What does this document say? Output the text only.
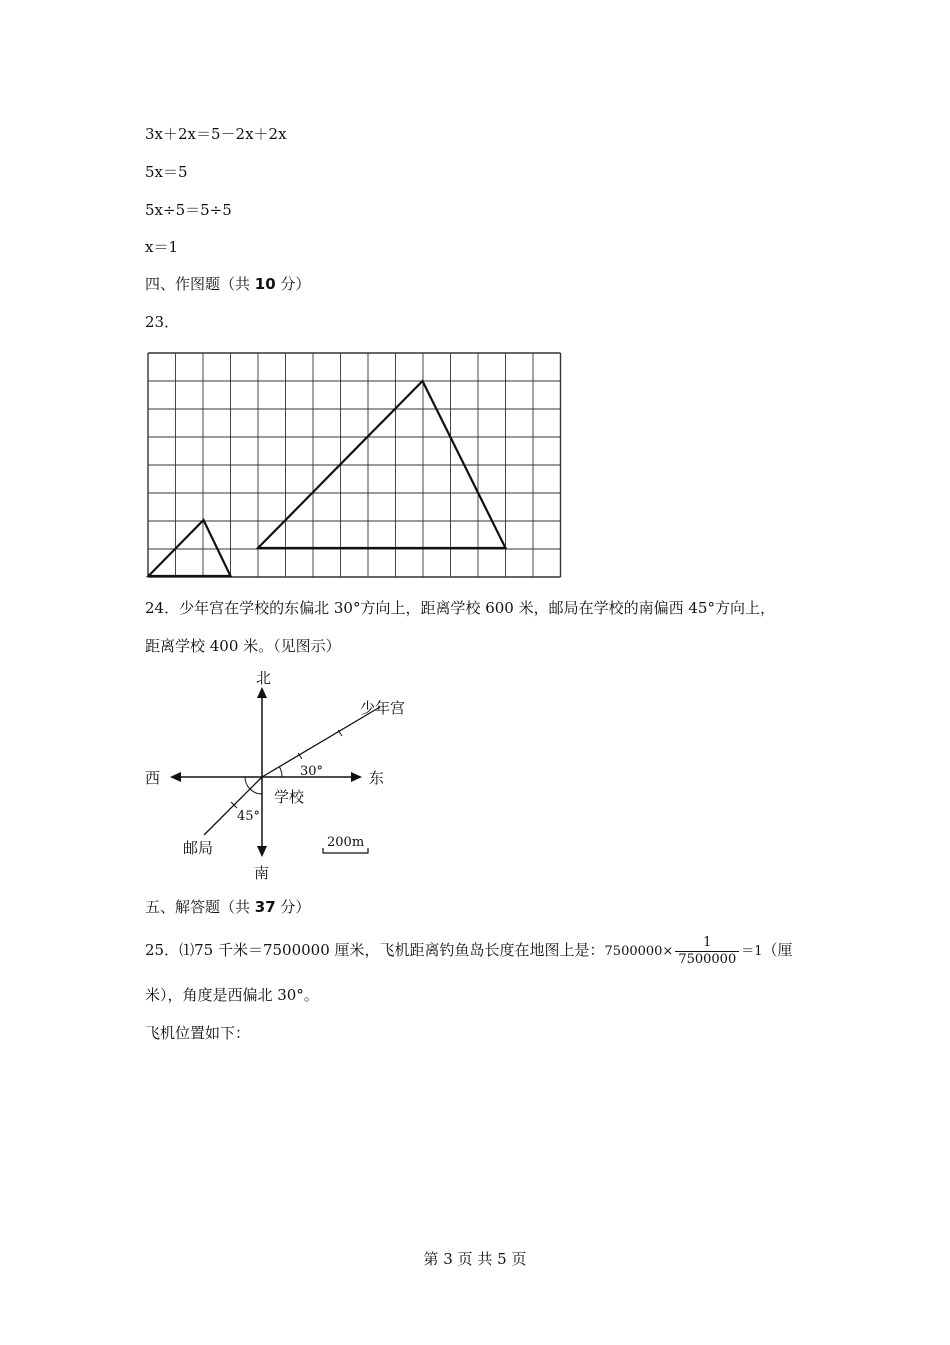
3x＋2x＝5－2x＋2x
5x＝5
5x÷5＝5÷5
x＝1
四、作图题（共 10 分）
23．
24．少年宫在学校的东偏北 30°方向上，距离学校 600 米，邮局在学校的南偏西 45°方向上，
距离学校 400 米。（见图示）
北
南
西	东
少年宫
学校
邮局
30°
45°
200m
五、解答题（共 37 分）
25．⑴75 千米＝7500000 厘米，飞机距离钓鱼岛长度在地图上是：$7500000\times \frac{1}{7500000} =1$（厘
米），角度是西偏北 30°。
飞机位置如下：
第 3 页 共 5 页
